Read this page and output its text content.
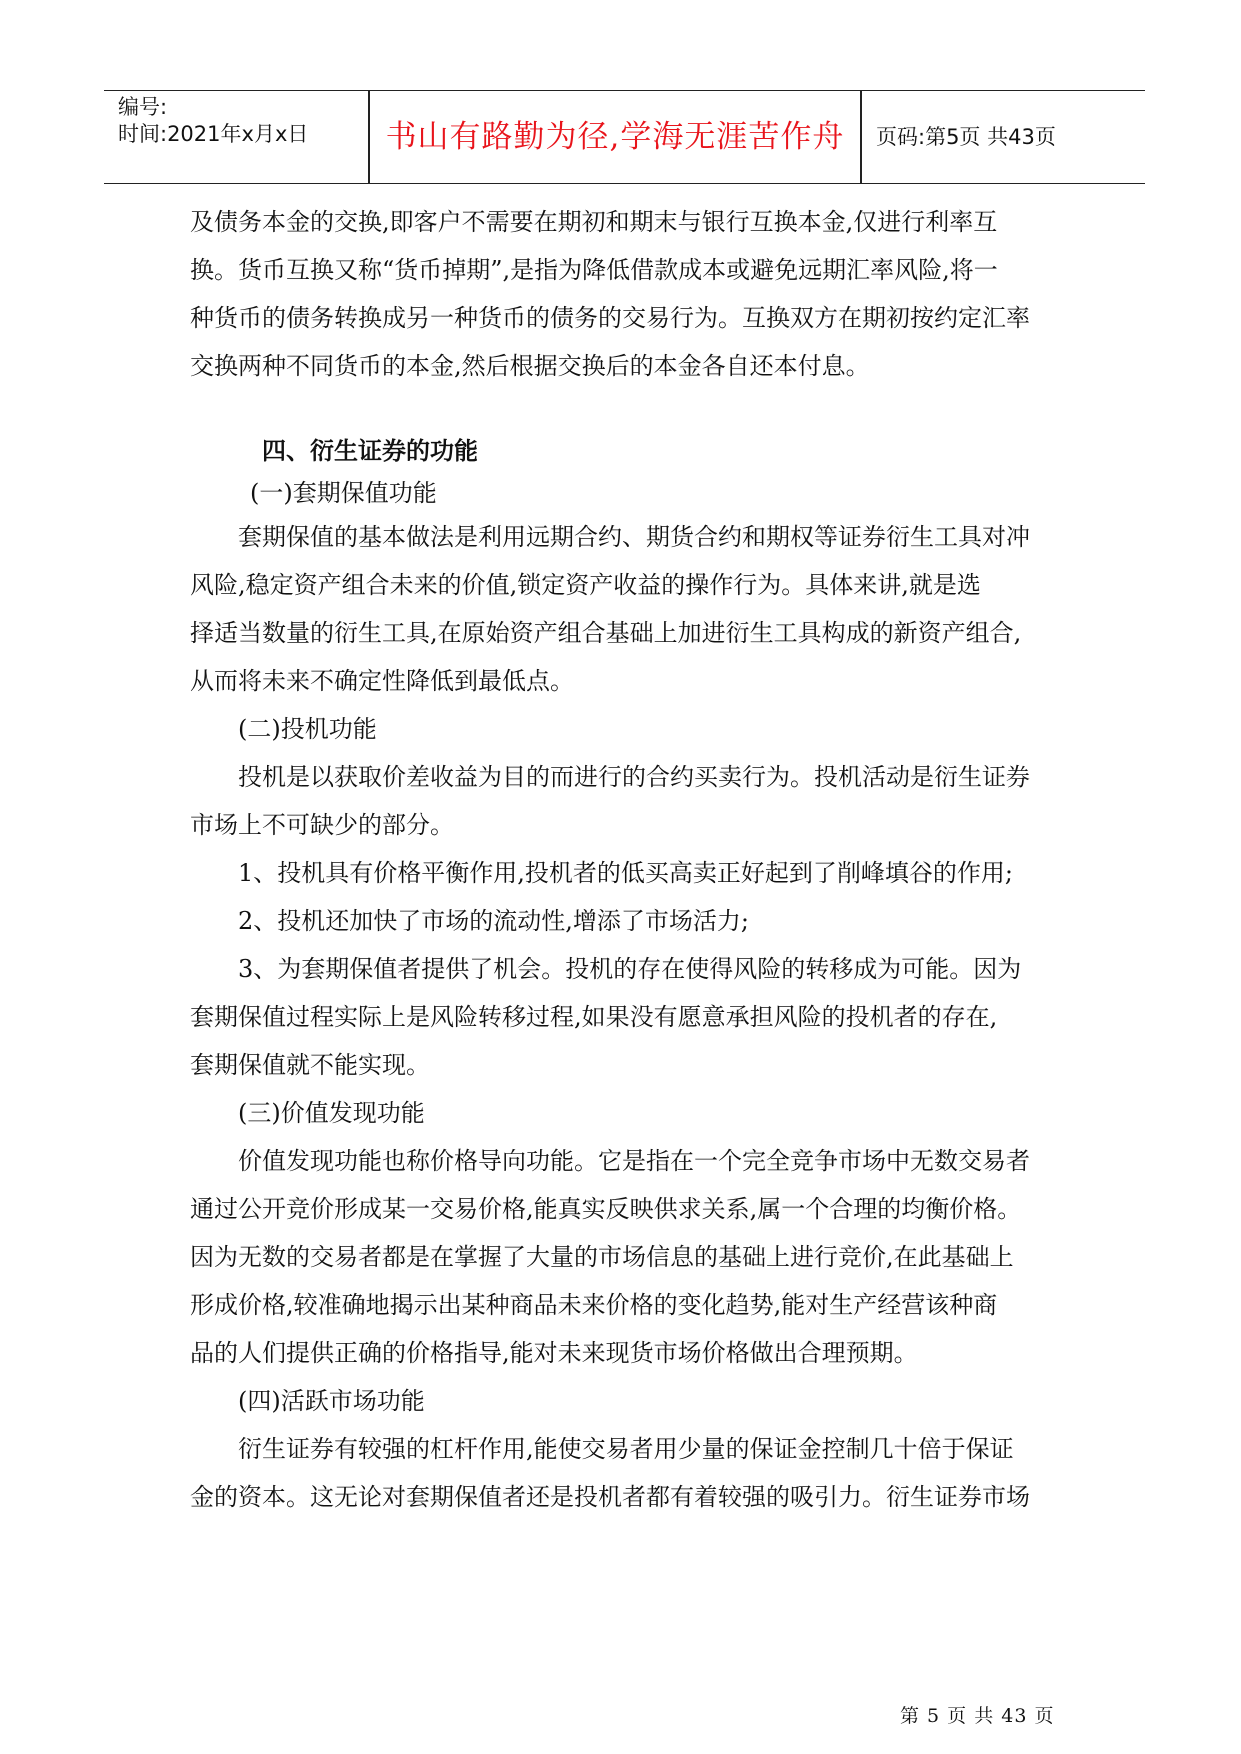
编号:
时间:2021年x月x日	书山有路勤为径,学海无涯苦作舟	页码:第5页 共43页
及债务本金的交换,即客户不需要在期初和期末与银行互换本金,仅进行利率互
换。货币互换又称“货币掉期”,是指为降低借款成本或避免远期汇率风险,将一
种货币的债务转换成另一种货币的债务的交易行为。互换双方在期初按约定汇率
交换两种不同货币的本金,然后根据交换后的本金各自还本付息。
四、衍生证券的功能
(一)套期保值功能
套期保值的基本做法是利用远期合约、期货合约和期权等证券衍生工具对冲
风险,稳定资产组合未来的价值,锁定资产收益的操作行为。具体来讲,就是选
择适当数量的衍生工具,在原始资产组合基础上加进衍生工具构成的新资产组合,
从而将未来不确定性降低到最低点。
(二)投机功能
投机是以获取价差收益为目的而进行的合约买卖行为。投机活动是衍生证券
市场上不可缺少的部分。
1、投机具有价格平衡作用,投机者的低买高卖正好起到了削峰填谷的作用;
2、投机还加快了市场的流动性,增添了市场活力;
3、为套期保值者提供了机会。投机的存在使得风险的转移成为可能。因为
套期保值过程实际上是风险转移过程,如果没有愿意承担风险的投机者的存在,
套期保值就不能实现。
(三)价值发现功能
价值发现功能也称价格导向功能。它是指在一个完全竞争市场中无数交易者
通过公开竞价形成某一交易价格,能真实反映供求关系,属一个合理的均衡价格。
因为无数的交易者都是在掌握了大量的市场信息的基础上进行竞价,在此基础上
形成价格,较准确地揭示出某种商品未来价格的变化趋势,能对生产经营该种商
品的人们提供正确的价格指导,能对未来现货市场价格做出合理预期。
(四)活跃市场功能
衍生证券有较强的杠杆作用,能使交易者用少量的保证金控制几十倍于保证
金的资本。这无论对套期保值者还是投机者都有着较强的吸引力。衍生证券市场
第 5 页 共 43 页
